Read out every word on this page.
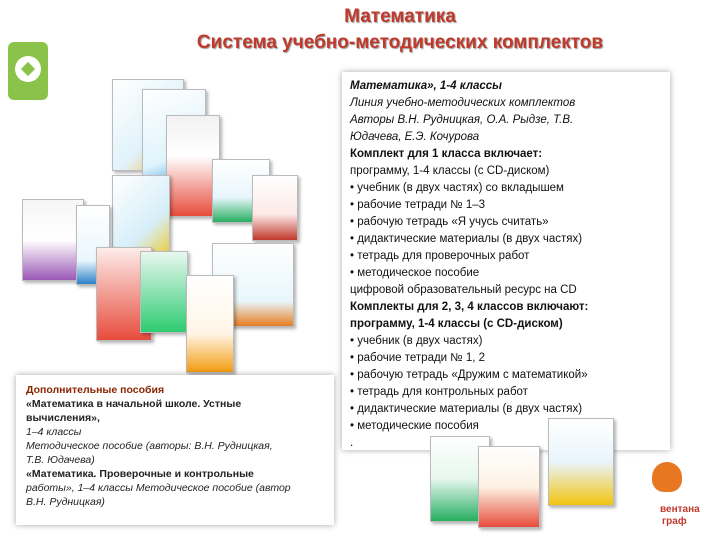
Математика
Система учебно-методических комплектов
Дополнительные пособия
«Математика в начальной школе. Устные
вычисления»,
1–4 классы
Методическое пособие (авторы: В.Н. Рудницкая,
Т.В. Юдачева)
«Математика. Проверочные и контрольные
работы», 1–4 классы Методическое пособие (автор
В.Н. Рудницкая)
Математика», 1-4 классы
Линия учебно-методических комплектов
Авторы В.Н. Рудницкая, О.А. Рыдзе, Т.В.
Юдачева, Е.Э. Кочурова
Комплект для 1 класса включает:
программу, 1-4 классы (с CD-диском)
• учебник (в двух частях) со вкладышем
• рабочие тетради № 1–3
• рабочую тетрадь «Я учусь считать»
• дидактические материалы (в двух частях)
• тетрадь для проверочных работ
• методическое пособие
цифровой образовательный ресурс на CD
Комплекты для 2, 3, 4 классов включают:
программу, 1-4 классы (с CD-диском)
• учебник (в двух частях)
• рабочие тетради № 1, 2
• рабочую тетрадь «Дружим с математикой»
• тетрадь для контрольных работ
• дидактические материалы (в двух частях)
• методические пособия
.
вентана
граф
